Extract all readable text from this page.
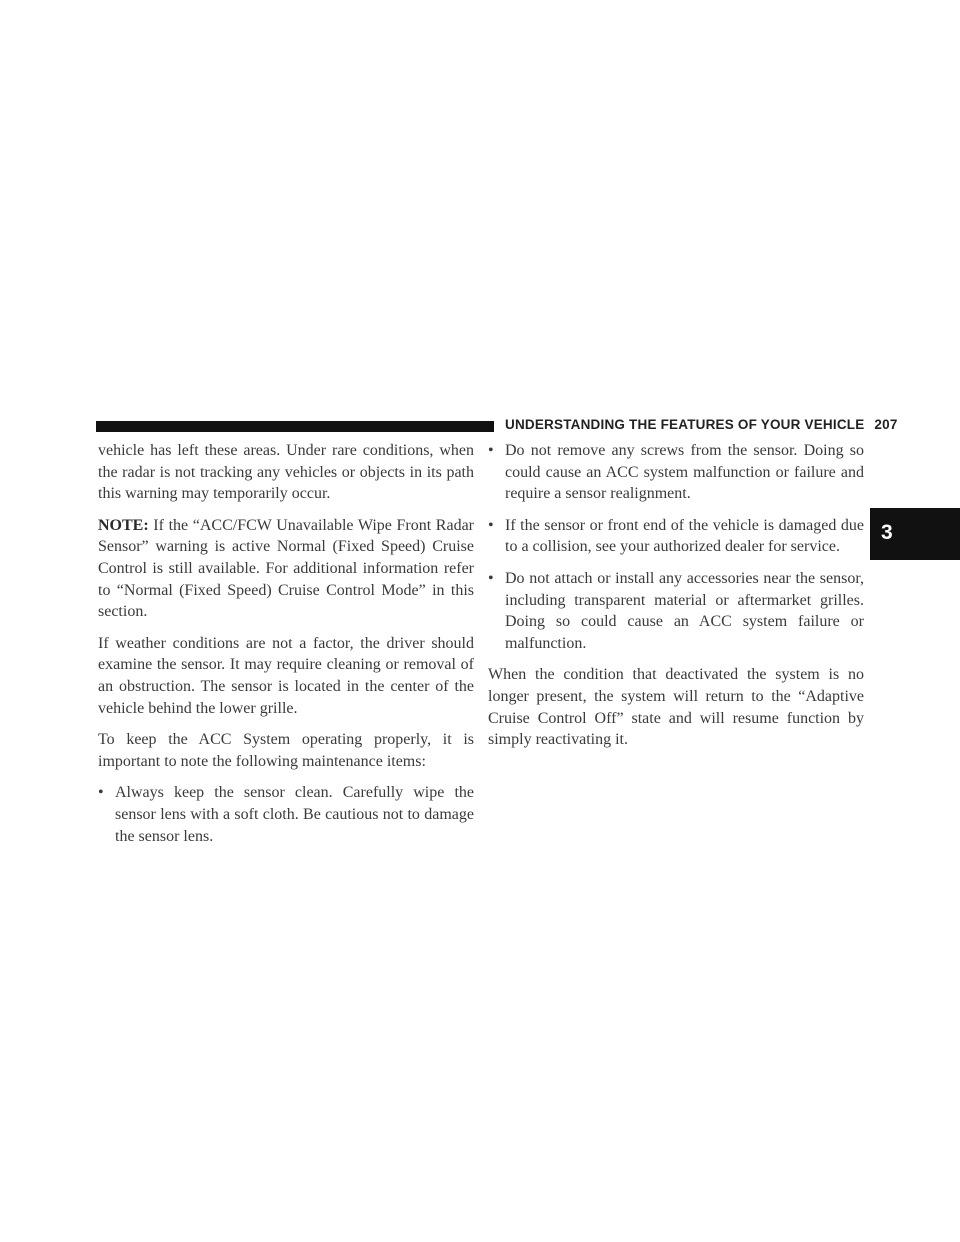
UNDERSTANDING THE FEATURES OF YOUR VEHICLE 207
3

vehicle has left these areas. Under rare conditions, when the radar is not tracking any vehicles or objects in its path this warning may temporarily occur.

NOTE: If the “ACC/FCW Unavailable Wipe Front Radar Sensor” warning is active Normal (Fixed Speed) Cruise Control is still available. For additional information refer to “Normal (Fixed Speed) Cruise Control Mode” in this section.

If weather conditions are not a factor, the driver should examine the sensor. It may require cleaning or removal of an obstruction. The sensor is located in the center of the vehicle behind the lower grille.

To keep the ACC System operating properly, it is important to note the following maintenance items:

• Always keep the sensor clean. Carefully wipe the sensor lens with a soft cloth. Be cautious not to damage the sensor lens.
• Do not remove any screws from the sensor. Doing so could cause an ACC system malfunction or failure and require a sensor realignment.
• If the sensor or front end of the vehicle is damaged due to a collision, see your authorized dealer for service.
• Do not attach or install any accessories near the sensor, including transparent material or aftermarket grilles. Doing so could cause an ACC system failure or malfunction.

When the condition that deactivated the system is no longer present, the system will return to the “Adaptive Cruise Control Off” state and will resume function by simply reactivating it.
